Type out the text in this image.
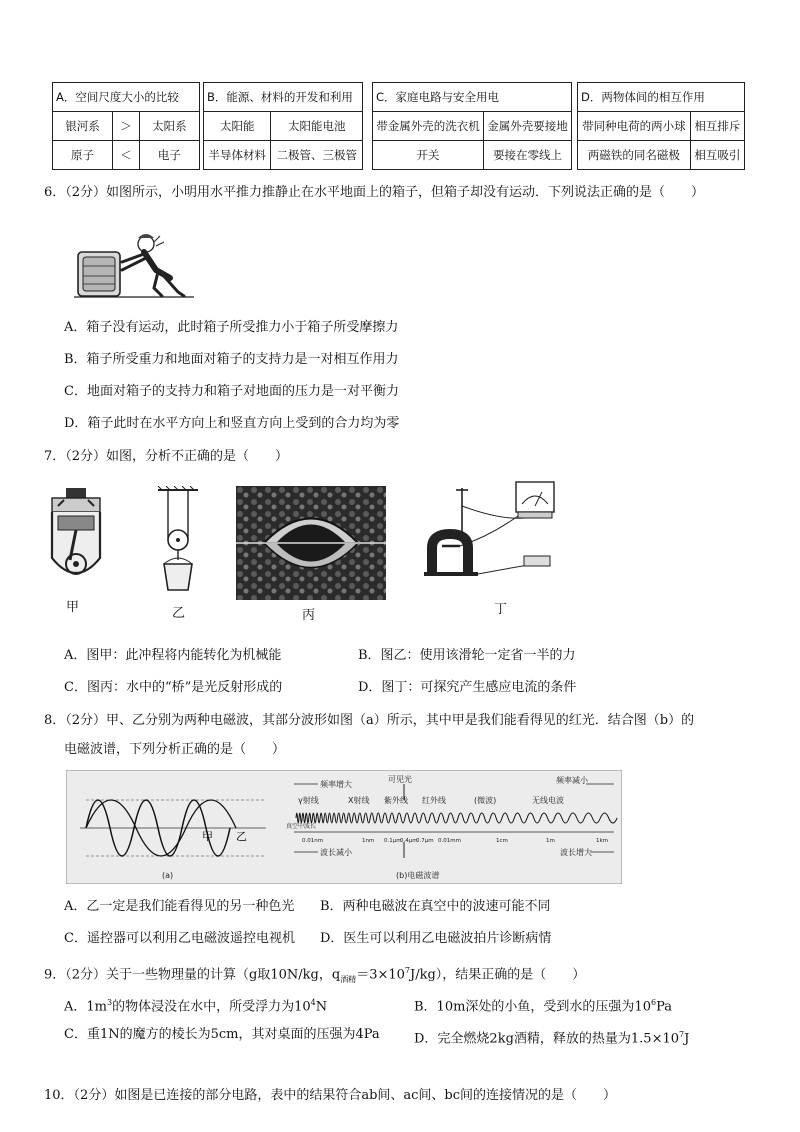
A．空间尺度大小的比较		
银河系	＞	太阳系
原子	＜	电子
B．能源、材料的开发和利用	
太阳能	太阳能电池
半导体材料	二极管、三极管
C．家庭电路与安全用电	
带金属外壳的洗衣机	金属外壳要接地
开关	要接在零线上
D．两物体间的相互作用	
带同种电荷的两小球	相互排斥
两磁铁的同名磁极	相互吸引
6．（2分）如图所示，小明用水平推力推静止在水平地面上的箱子，但箱子却没有运动．下列说法正确的是（　　）
A．箱子没有运动，此时箱子所受推力小于箱子所受摩擦力
B．箱子所受重力和地面对箱子的支持力是一对相互作用力
C．地面对箱子的支持力和箱子对地面的压力是一对平衡力
D．箱子此时在水平方向上和竖直方向上受到的合力均为零
7．（2分）如图，分析不正确的是（　　）
甲	乙	丙	丁
A．图甲：此冲程将内能转化为机械能	B．图乙：使用该滑轮一定省一半的力
C．图丙：水中的“桥”是光反射形成的	D．图丁：可探究产生感应电流的条件
8．（2分）甲、乙分别为两种电磁波，其部分波形如图（a）所示，其中甲是我们能看得见的红光．结合图（b）的
电磁波谱，下列分析正确的是（　　）
甲 乙
(a)
频率增大
可见光	频率减小
γ射线	X射线 紫外线 红外线	(微波)	无线电波
真空中波长
0.01nm	1nm 0.1μm
0.4μm
0.7μm 0.01mm	1cm	1m	1km
波长减小	波长增大
(b)电磁波谱
A．乙一定是我们能看得见的另一种色光 B．两种电磁波在真空中的波速可能不同
C．遥控器可以利用乙电磁波遥控电视机 D．医生可以利用乙电磁波拍片诊断病情
9．（2分）关于一些物理量的计算（g取10N/kg，$q_{酒精}=3\times 10^7J/kg$），结果正确的是（　　）
A．$1m^3$的物体浸没在水中，所受浮力为$10^4N$	B．10m深处的小鱼，受到水的压强为$10^6Pa$
C．重1N的魔方的棱长为5cm，其对桌面的压强为4Pa	D．完全燃烧2kg酒精，释放的热量为$1.5\times 10^7J$
10．（2分）如图是已连接的部分电路，表中的结果符合ab间、ac间、bc间的连接情况的是（　　）
